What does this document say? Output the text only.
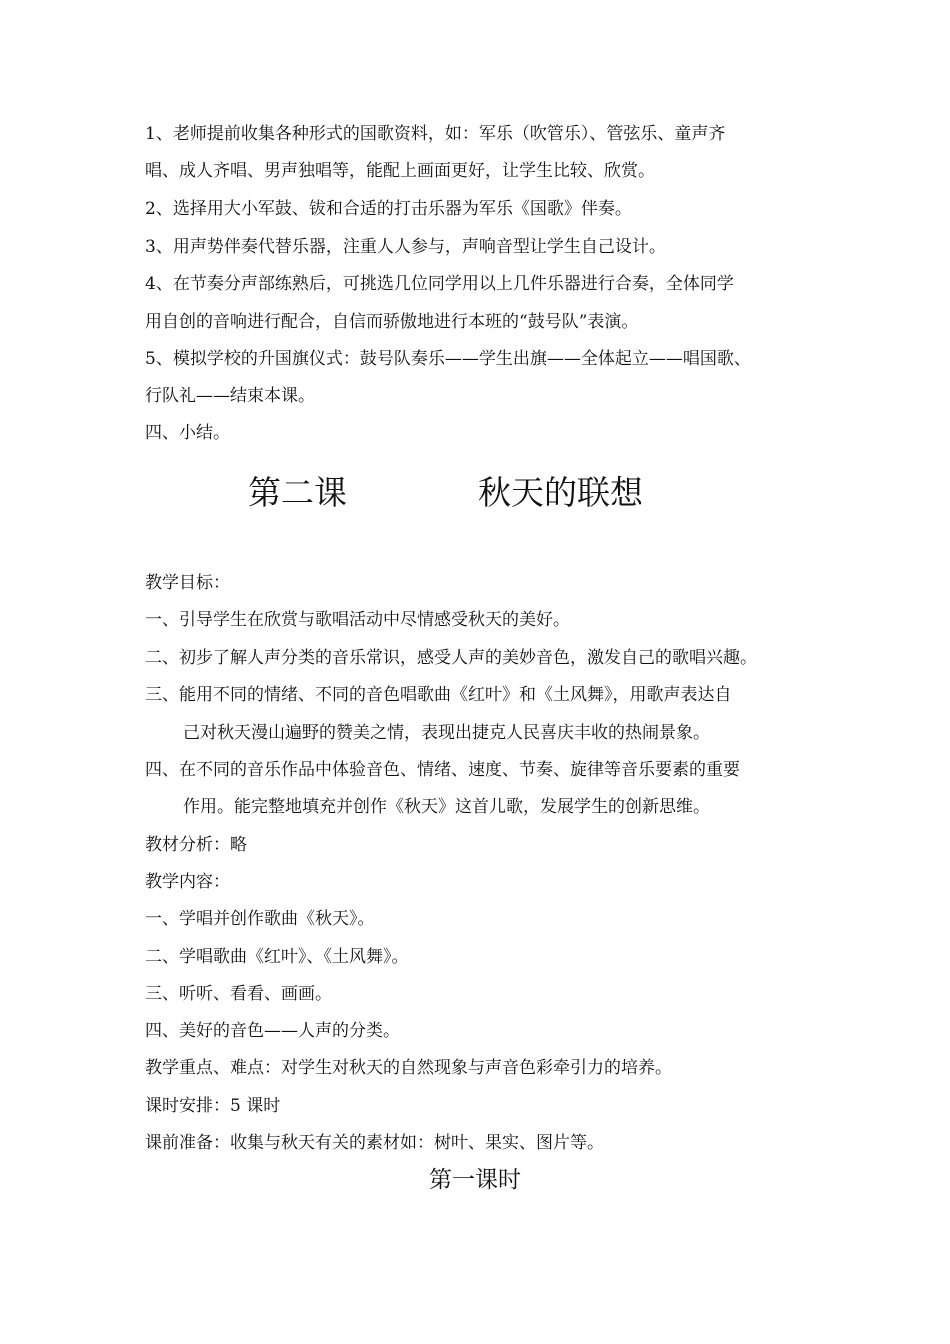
1、老师提前收集各种形式的国歌资料，如：军乐（吹管乐）、管弦乐、童声齐
唱、成人齐唱、男声独唱等，能配上画面更好，让学生比较、欣赏。
2、选择用大小军鼓、钹和合适的打击乐器为军乐《国歌》伴奏。
3、用声势伴奏代替乐器，注重人人参与，声响音型让学生自己设计。
4、在节奏分声部练熟后，可挑选几位同学用以上几件乐器进行合奏，全体同学
用自创的音响进行配合，自信而骄傲地进行本班的“鼓号队”表演。
5、模拟学校的升国旗仪式：鼓号队奏乐——学生出旗——全体起立——唱国歌、
行队礼——结束本课。
四、小结。
第二课	秋天的联想
教学目标：
一、引导学生在欣赏与歌唱活动中尽情感受秋天的美好。
二、初步了解人声分类的音乐常识，感受人声的美妙音色，激发自己的歌唱兴趣。
三、能用不同的情绪、不同的音色唱歌曲《红叶》和《土风舞》，用歌声表达自
己对秋天漫山遍野的赞美之情，表现出捷克人民喜庆丰收的热闹景象。
四、在不同的音乐作品中体验音色、情绪、速度、节奏、旋律等音乐要素的重要
作用。能完整地填充并创作《秋天》这首儿歌，发展学生的创新思维。
教材分析：略
教学内容：
一、学唱并创作歌曲《秋天》。
二、学唱歌曲《红叶》、《土风舞》。
三、听听、看看、画画。
四、美好的音色——人声的分类。
教学重点、难点：对学生对秋天的自然现象与声音色彩牵引力的培养。
课时安排：5 课时
课前准备：收集与秋天有关的素材如：树叶、果实、图片等。
第一课时
